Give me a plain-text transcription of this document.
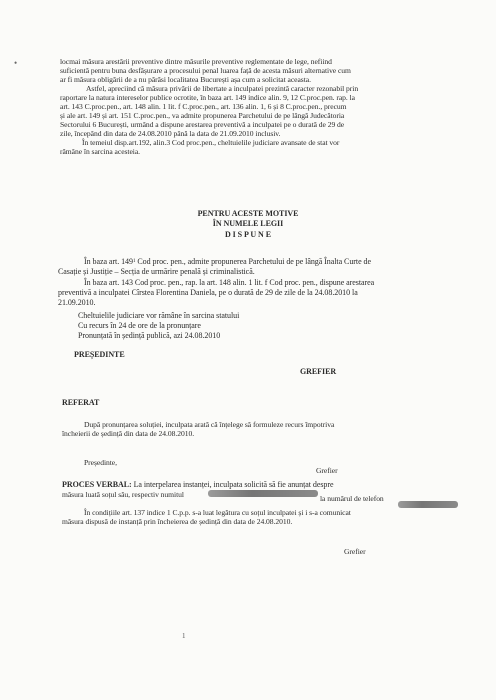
•	locmai măsura arestării preventive dintre măsurile preventive reglementate de lege, nefiind
suficientă pentru buna desfășurare a procesului penal luarea față de acesta măsuri alternative cum
ar fi măsura obligării de a nu părăsi localitatea București așa cum a solicitat aceasta.
Astfel, apreciind că măsura privării de libertate a inculpatei prezintă caracter rezonabil prin
raportare la natura intereselor publice ocrotite, în baza art. 149 indice alin. 9, 12 C.proc.pen. rap. la
art. 143 C.proc.pen., art. 148 alin. 1 lit. f C.proc.pen., art. 136 alin. 1, 6 și 8 C.proc.pen., precum
și ale art. 149 și art. 151 C.proc.pen., va admite propunerea Parchetului de pe lângă Judecătoria
Sectorului 6 București, urmând a dispune arestarea preventivă a inculpatei pe o durată de 29 de
zile, începând din data de 24.08.2010 până la data de 21.09.2010 inclusiv.
În temeiul disp.art.192, alin.3 Cod proc.pen., cheltuielile judiciare avansate de stat vor
rămâne în sarcina acesteia.
PENTRU ACESTE MOTIVE
ÎN NUMELE LEGII
D I S P U N E
În baza art. $149^1$ Cod proc. pen., admite propunerea Parchetului de pe lângă Înalta Curte de
Casație și Justiție – Secția de urmărire penală și criminalistică.
În baza art. 143 Cod proc. pen., rap. la art. 148 alin. 1 lit. f Cod proc. pen., dispune arestarea
preventivă a inculpatei Cîrstea Florentina Daniela, pe o durată de 29 de zile de la 24.08.2010 la
21.09.2010.
Cheltuielile judiciare vor rămâne în sarcina statului
Cu recurs în 24 de ore de la pronunțare
Pronunțată în ședință publică, azi 24.08.2010
PREȘEDINTE
GREFIER
REFERAT
După pronunțarea soluției, inculpata arată că înțelege să formuleze recurs împotriva
încheierii de ședință din data de 24.08.2010.
Președinte,
Grefier
PROCES VERBAL: La interpelarea instanței, inculpata solicită să fie anunțat despre
măsura luată soțul său, respectiv numitul	la numărul de telefon
În condițiile art. 137 indice 1 C.p.p. s-a luat legătura cu soțul inculpatei și i s-a comunicat
măsura dispusă de instanță prin încheierea de ședință din data de 24.08.2010.
Grefier
1
